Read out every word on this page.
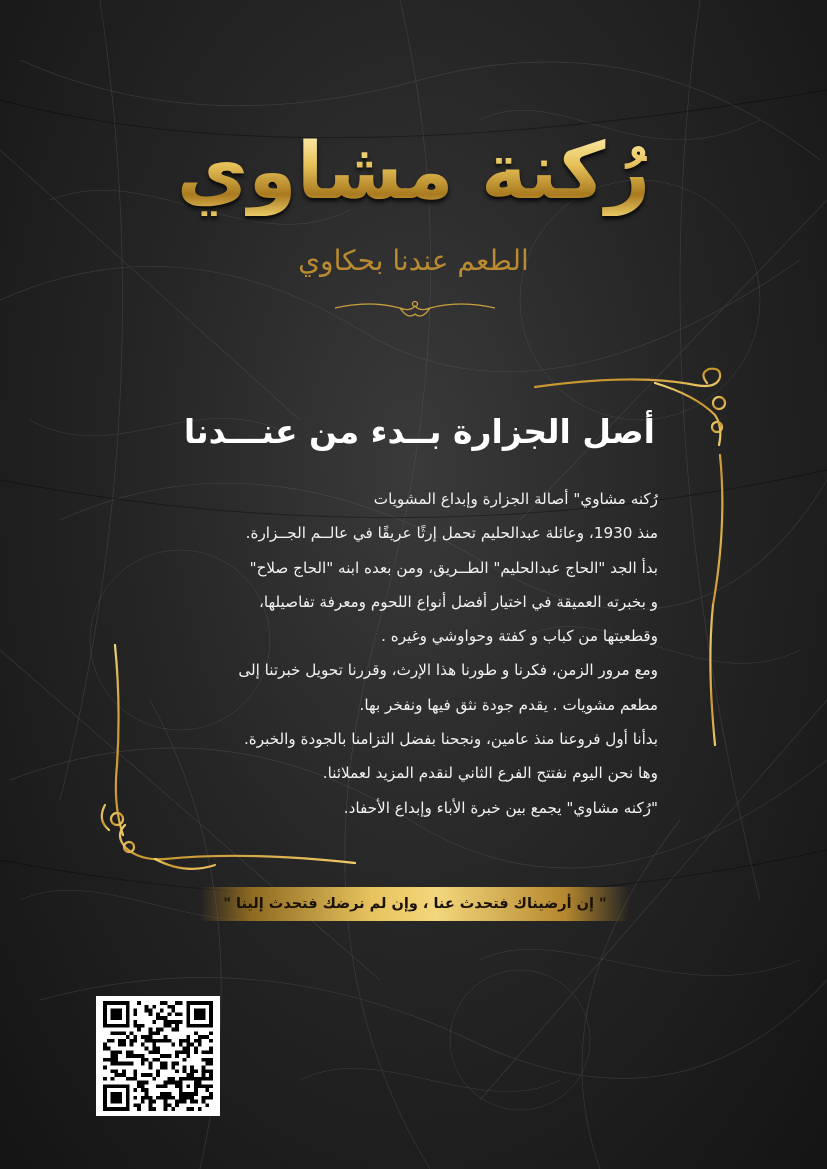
رُكنة مشاوي
الطعم عندنا بحكاوي
أصل الجزارة بــدء من عنـــدنا
رُكنه مشاوي" أصالة الجزارة وإبداع المشويات
منذ 1930، وعائلة عبدالحليم تحمل إرثًا عريقًا في عالــم الجــزارة.
بدأ الجد "الحاج عبدالحليم" الطــريق، ومن بعده ابنه "الحاج صلاح"
و بخبرته العميقة في اختيار أفضل أنواع اللحوم ومعرفة تفاصيلها،
وقطعيتها من كباب و كفتة وحواوشي وغيره .
ومع مرور الزمن، فكرنا و طورنا هذا الإرث، وقررنا تحويل خبرتنا إلى
مطعم مشويات . يقدم جودة نثق فيها ونفخر بها.
بدأنا أول فروعنا منذ عامين، ونجحنا بفضل التزامنا بالجودة والخبرة.
وها نحن اليوم نفتتح الفرع الثاني لنقدم المزيد لعملائنا.
"رُكنه مشاوي" يجمع بين خبرة الأباء وإبداع الأحفاد.
" إن أرضيناك فتحدث عنا ، وإن لم نرضك فتحدث إلينا "
